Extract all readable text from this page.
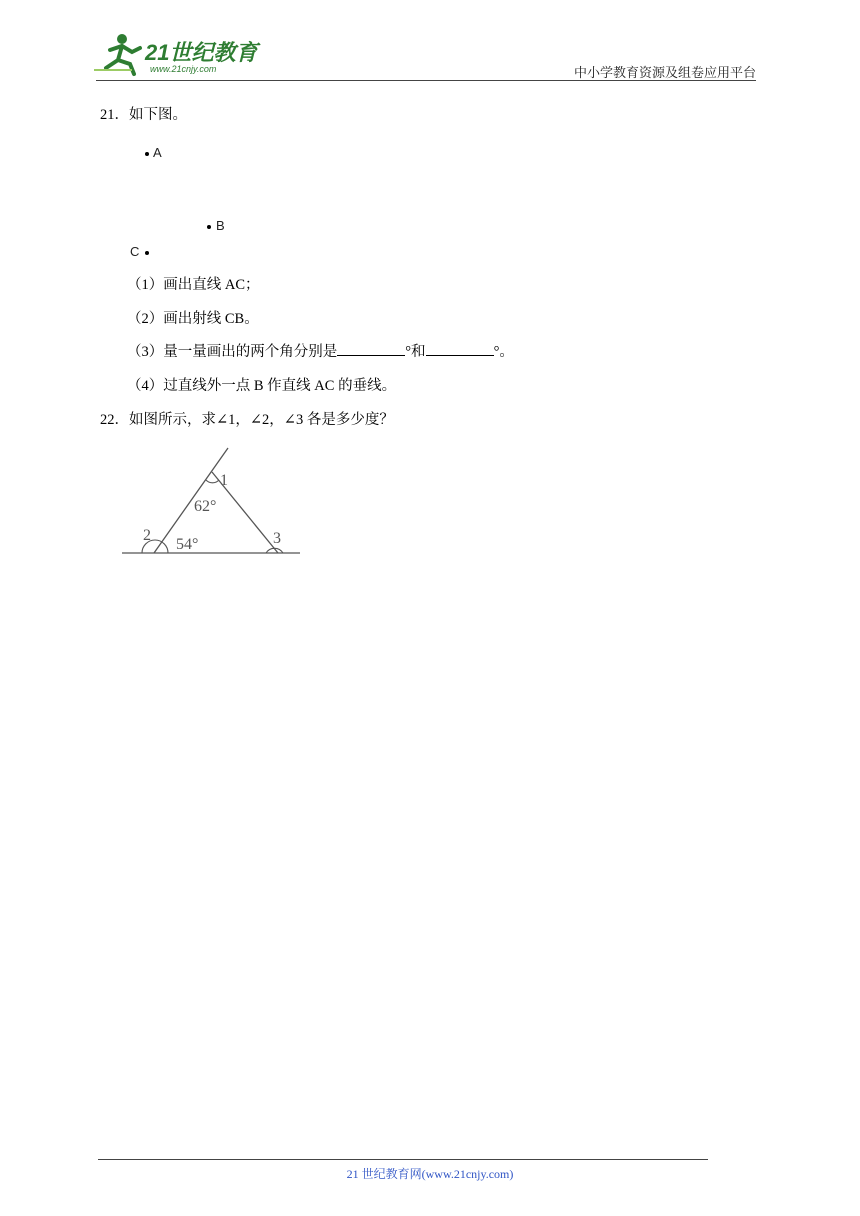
21世纪教育
www.21cnjy.com	中小学教育资源及组卷应用平台
21．如下图。
A
B
C
（1）画出直线 AC；
（2）画出射线 CB。
（3）量一量画出的两个角分别是	°和	°。
（4）过直线外一点 B 作直线 AC 的垂线。
22．如图所示，求∠1，∠2，∠3 各是多少度？
1
62°
2
54°	3
21 世纪教育网(www.21cnjy.com)
